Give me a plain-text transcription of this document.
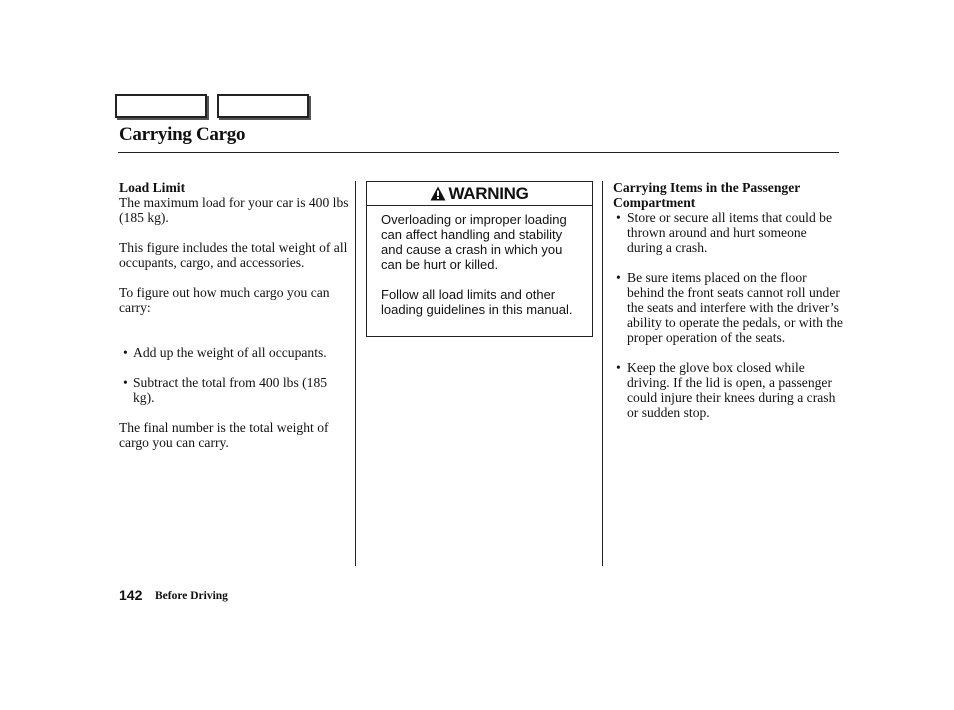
Carrying Cargo

Load Limit

The maximum load for your car is 400 lbs (185 kg).

This figure includes the total weight of all occupants, cargo, and accessories.

To figure out how much cargo you can carry:

• Add up the weight of all occupants.
• Subtract the total from 400 lbs (185 kg).

The final number is the total weight of cargo you can carry.

WARNING

Overloading or improper loading can affect handling and stability and cause a crash in which you can be hurt or killed.

Follow all load limits and other loading guidelines in this manual.

Carrying Items in the Passenger Compartment

• Store or secure all items that could be thrown around and hurt someone during a crash.
• Be sure items placed on the floor behind the front seats cannot roll under the seats and interfere with the driver’s ability to operate the pedals, or with the proper operation of the seats.
• Keep the glove box closed while driving. If the lid is open, a passenger could injure their knees during a crash or sudden stop.
142 Before Driving
